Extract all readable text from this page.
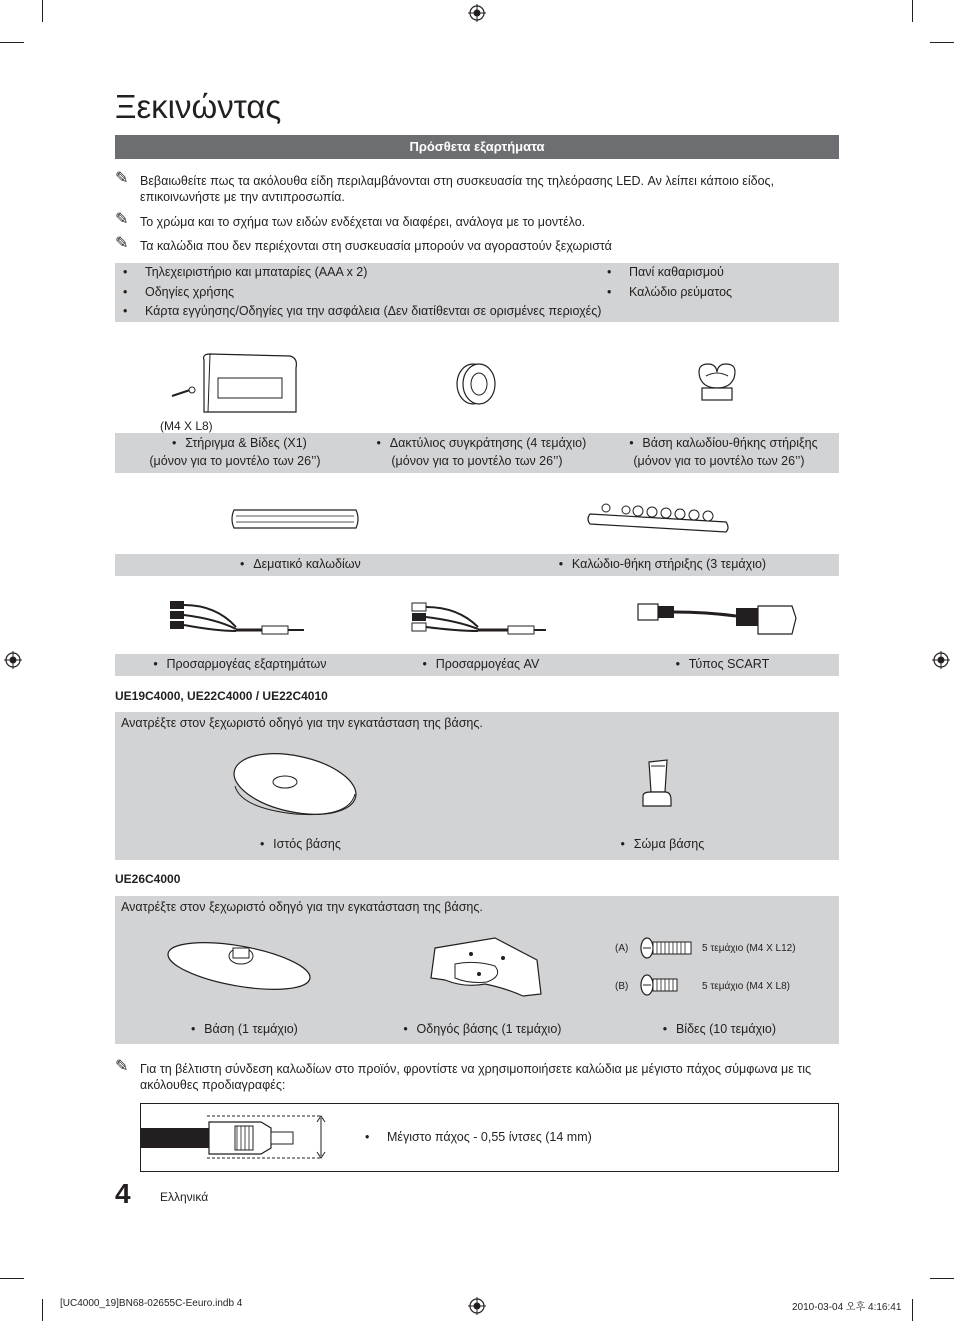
Ξεκινώντας
Πρόσθετα εξαρτήματα
✎ Βεβαιωθείτε πως τα ακόλουθα είδη περιλαμβάνονται στη συσκευασία της τηλεόρασης LED. Αν λείπει κάποιο είδος, επικοινωνήστε με την αντιπροσωπία.
✎ Το χρώμα και το σχήμα των ειδών ενδέχεται να διαφέρει, ανάλογα με το μοντέλο.
✎ Τα καλώδια που δεν περιέχονται στη συσκευασία μπορούν να αγοραστούν ξεχωριστά
• Τηλεχειριστήριο και μπαταρίες (AAA x 2)
• Οδηγίες χρήσης
• Κάρτα εγγύησης/Οδηγίες για την ασφάλεια (Δεν διατίθενται σε ορισμένες περιοχές)
• Πανί καθαρισμού
• Καλώδιο ρεύματος
(M4 X L8)
• Στήριγμα & Βίδες (X1)
(μόνον για το μοντέλο των 26’’)
• Δακτύλιος συγκράτησης (4 τεμάχιο)
(μόνον για το μοντέλο των 26’’)
• Βάση καλωδίου-θήκης στήριξης
(μόνον για το μοντέλο των 26’’)
• Δεματικό καλωδίων	• Καλώδιο-θήκη στήριξης (3 τεμάχιο)
• Προσαρμογέας εξαρτημάτων	• Προσαρμογέας AV	• Τύπος SCART
UE19C4000, UE22C4000 / UE22C4010
Ανατρέξτε στον ξεχωριστό οδηγό για την εγκατάσταση της βάσης.
• Ιστός βάσης	• Σώμα βάσης
UE26C4000
Ανατρέξτε στον ξεχωριστό οδηγό για την εγκατάσταση της βάσης.
(A)	5 τεμάχιο (M4 X L12)
(B)	5 τεμάχιο (M4 X L8)
• Βάση (1 τεμάχιο)	• Οδηγός βάσης (1 τεμάχιο)	• Βίδες (10 τεμάχιο)
✎ Για τη βέλτιστη σύνδεση καλωδίων στο προϊόν, φροντίστε να χρησιμοποιήσετε καλώδια με μέγιστο πάχος σύμφωνα με τις ακόλουθες προδιαγραφές:
• Μέγιστο πάχος - 0,55 ίντσες (14 mm)
4 Ελληνικά
[UC4000_19]BN68-02655C-Eeuro.indb 4	2010-03-04 오후 4:16:41
